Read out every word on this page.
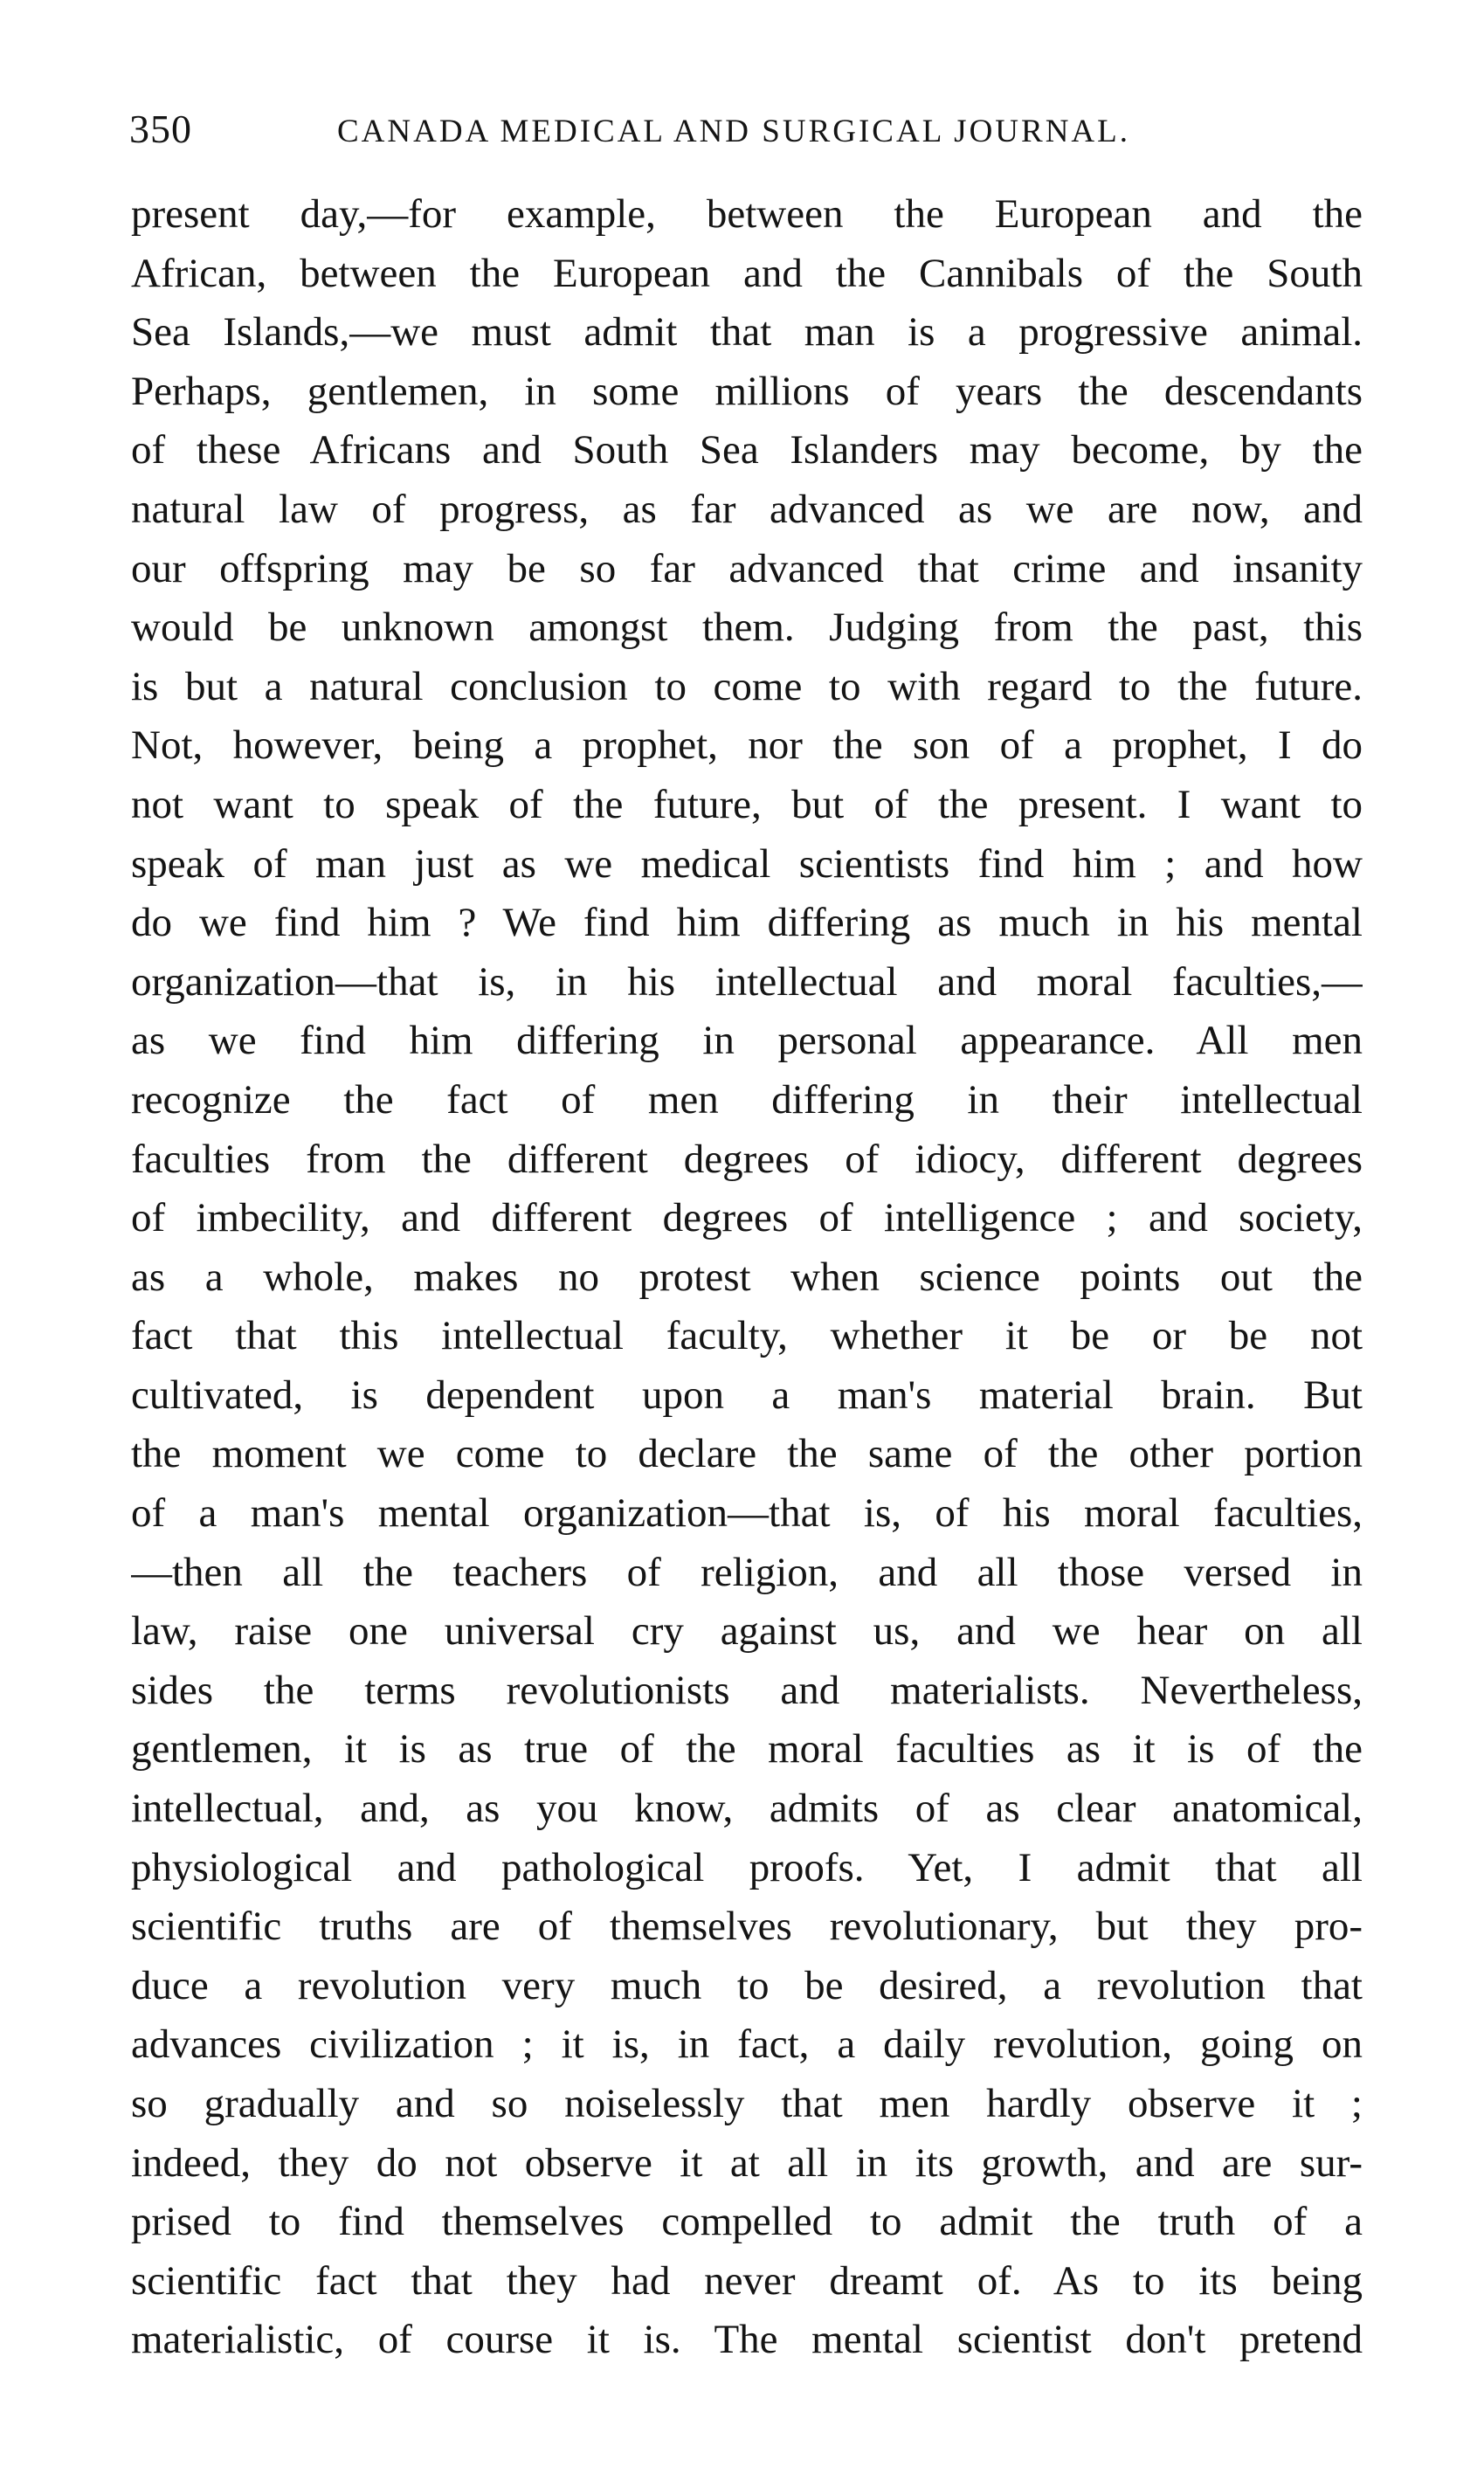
350	CANADA MEDICAL AND SURGICAL JOURNAL.
present day,—for example, between the European and the
African, between the European and the Cannibals of the South
Sea Islands,—we must admit that man is a progressive animal.
Perhaps, gentlemen, in some millions of years the descendants
of these Africans and South Sea Islanders may become, by the
natural law of progress, as far advanced as we are now, and
our offspring may be so far advanced that crime and insanity
would be unknown amongst them. Judging from the past, this
is but a natural conclusion to come to with regard to the future.
Not, however, being a prophet, nor the son of a prophet, I do
not want to speak of the future, but of the present. I want to
speak of man just as we medical scientists find him ; and how
do we find him ? We find him differing as much in his mental
organization—that is, in his intellectual and moral faculties,—
as we find him differing in personal appearance. All men
recognize the fact of men differing in their intellectual
faculties from the different degrees of idiocy, different degrees
of imbecility, and different degrees of intelligence ; and society,
as a whole, makes no protest when science points out the
fact that this intellectual faculty, whether it be or be not
cultivated, is dependent upon a man's material brain. But
the moment we come to declare the same of the other portion
of a man's mental organization—that is, of his moral faculties,
—then all the teachers of religion, and all those versed in
law, raise one universal cry against us, and we hear on all
sides the terms revolutionists and materialists. Nevertheless,
gentlemen, it is as true of the moral faculties as it is of the
intellectual, and, as you know, admits of as clear anatomical,
physiological and pathological proofs. Yet, I admit that all
scientific truths are of themselves revolutionary, but they pro-
duce a revolution very much to be desired, a revolution that
advances civilization ; it is, in fact, a daily revolution, going on
so gradually and so noiselessly that men hardly observe it ;
indeed, they do not observe it at all in its growth, and are sur-
prised to find themselves compelled to admit the truth of a
scientific fact that they had never dreamt of. As to its being
materialistic, of course it is. The mental scientist don't pretend
